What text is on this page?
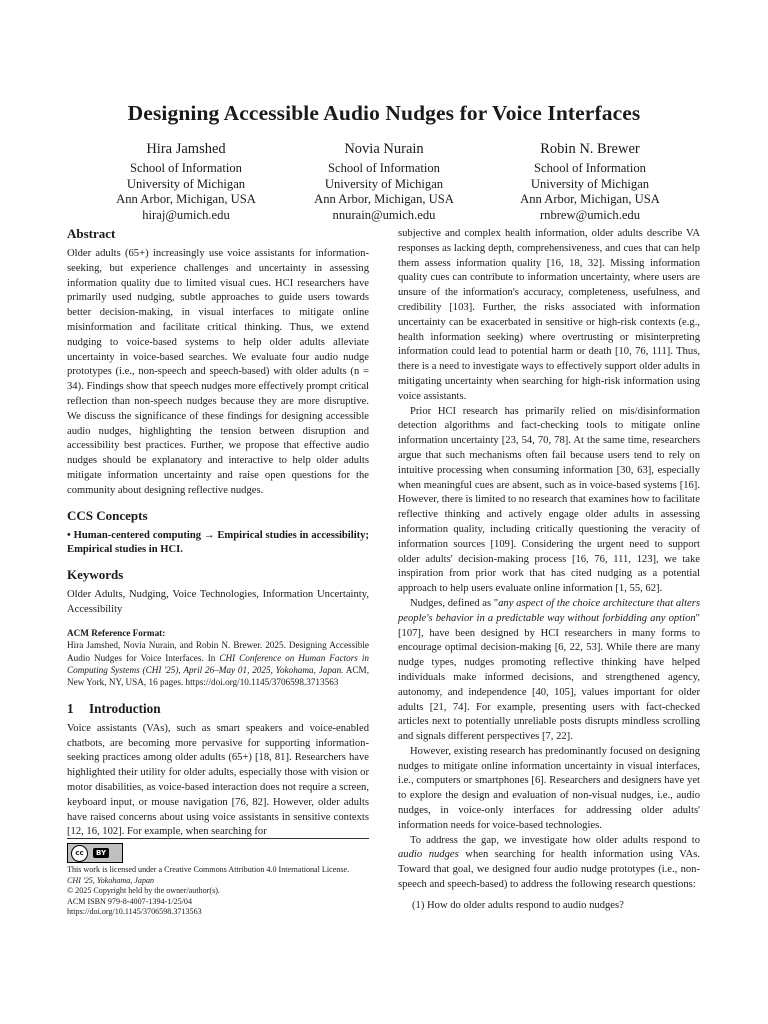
Designing Accessible Audio Nudges for Voice Interfaces
Hira Jamshed
School of Information
University of Michigan
Ann Arbor, Michigan, USA
hiraj@umich.edu
Novia Nurain
School of Information
University of Michigan
Ann Arbor, Michigan, USA
nnurain@umich.edu
Robin N. Brewer
School of Information
University of Michigan
Ann Arbor, Michigan, USA
rnbrew@umich.edu
Abstract

Older adults (65+) increasingly use voice assistants for information-seeking, but experience challenges and uncertainty in assessing information quality due to limited visual cues. HCI researchers have primarily used nudging, subtle approaches to guide users towards better decision-making, in visual interfaces to mitigate online misinformation and facilitate critical thinking. Thus, we extend nudging to voice-based systems to help older adults alleviate uncertainty in voice-based searches. We evaluate four audio nudge prototypes (i.e., non-speech and speech-based) with older adults (n = 34). Findings show that speech nudges more effectively prompt critical reflection than non-speech nudges because they are more disruptive. We discuss the significance of these findings for designing accessible audio nudges, highlighting the tension between disruption and accessibility best practices. Further, we propose that effective audio nudges should be explanatory and interactive to help older adults mitigate information uncertainty and raise open questions for the community about designing reflective nudges.

CCS Concepts

• Human-centered computing → Empirical studies in accessibility; Empirical studies in HCI.

Keywords

Older Adults, Nudging, Voice Technologies, Information Uncertainty, Accessibility

ACM Reference Format:
Hira Jamshed, Novia Nurain, and Robin N. Brewer. 2025. Designing Accessible Audio Nudges for Voice Interfaces. In CHI Conference on Human Factors in Computing Systems (CHI '25), April 26–May 01, 2025, Yokohama, Japan. ACM, New York, NY, USA, 16 pages. https://doi.org/10.1145/3706598.3713563
1 Introduction

Voice assistants (VAs), such as smart speakers and voice-enabled chatbots, are becoming more pervasive for supporting information-seeking practices among older adults (65+) [18, 81]. Researchers have highlighted their utility for older adults, especially those with vision or motor disabilities, as voice-based interaction does not require a screen, keyboard input, or mouse navigation [76, 82]. However, older adults have raised concerns about using voice assistants in sensitive contexts [12, 16, 102]. For example, when searching for

cc	BY
This work is licensed under a Creative Commons Attribution 4.0 International License.
CHI '25, Yokohama, Japan
© 2025 Copyright held by the owner/author(s).
ACM ISBN 979-8-4007-1394-1/25/04
https://doi.org/10.1145/3706598.3713563

subjective and complex health information, older adults describe VA responses as lacking depth, comprehensiveness, and cues that can help them assess information quality [16, 18, 32]. Missing information quality cues can contribute to information uncertainty, where users are unsure of the information's accuracy, completeness, usefulness, and credibility [103]. Further, the risks associated with information uncertainty can be exacerbated in sensitive or high-risk contexts (e.g., health information seeking) where overtrusting or misinterpreting information could lead to potential harm or death [10, 76, 111]. Thus, there is a need to investigate ways to effectively support older adults in mitigating uncertainty when searching for high-risk information using voice assistants.

Prior HCI research has primarily relied on mis/disinformation detection algorithms and fact-checking tools to mitigate online information uncertainty [23, 54, 70, 78]. At the same time, researchers argue that such mechanisms often fail because users tend to rely on intuitive processing when consuming information [30, 63], especially when meaningful cues are absent, such as in voice-based systems [16]. However, there is limited to no research that examines how to facilitate reflective thinking and actively engage older adults in assessing information quality, including critically questioning the veracity of information sources [109]. Considering the urgent need to support older adults' decision-making process [16, 76, 111, 123], we take inspiration from prior work that has cited nudging as a potential approach to help users evaluate online information [1, 55, 62].

Nudges, defined as "any aspect of the choice architecture that alters people's behavior in a predictable way without forbidding any option" [107], have been designed by HCI researchers in many forms to encourage optimal decision-making [6, 22, 53]. While there are many nudge types, nudges promoting reflective thinking have helped individuals make informed decisions, and strengthened agency, autonomy, and independence [40, 105], values important for older adults [21, 74]. For example, presenting users with fact-checked articles next to potentially unreliable posts disrupts mindless scrolling and signals different perspectives [7, 22].

However, existing research has predominantly focused on designing nudges to mitigate online information uncertainty in visual interfaces, i.e., computers or smartphones [6]. Researchers and designers have yet to explore the design and evaluation of non-visual nudges, i.e., audio nudges, in voice-only interfaces for addressing older adults' information needs for voice-based technologies.

To address the gap, we investigate how older adults respond to audio nudges when searching for health information using VAs. Toward that goal, we designed four audio nudge prototypes (i.e., non-speech and speech-based) to address the following research questions:

(1) How do older adults respond to audio nudges?
